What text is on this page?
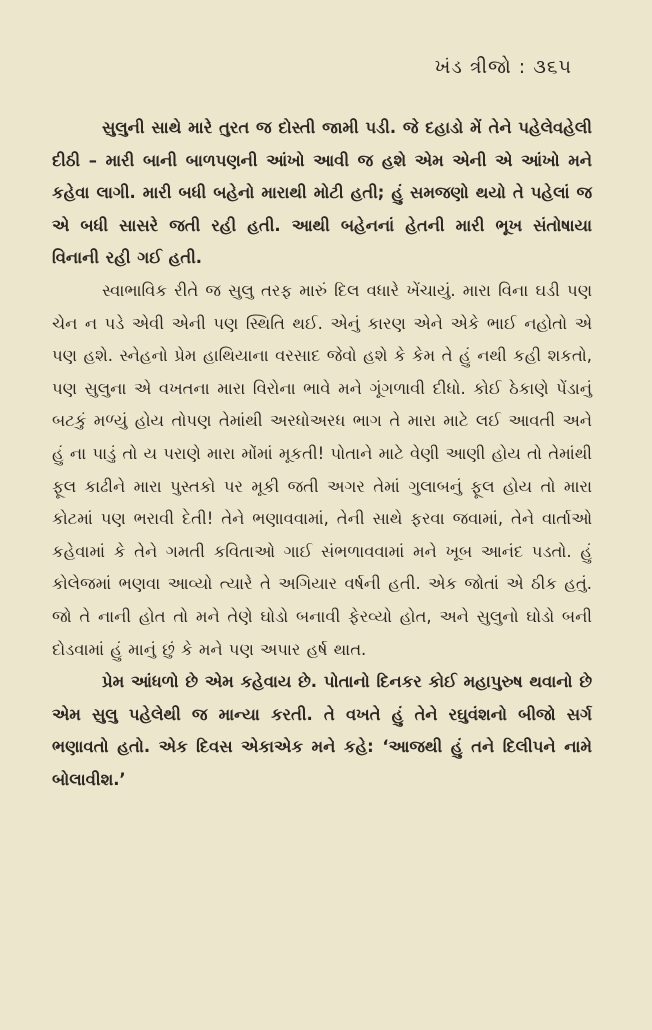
ખંડ ત્રીજો : ૩૬૫

સુલુની સાથે મારે તુરત જ દોસ્તી જામી પડી. જે દહાડો મેં તેને પહેલેવહેલી દીઠી – મારી બાની બાળપણની આંખો આવી જ હશે એમ એની એ આંખો મને કહેવા લાગી. મારી બધી બહેનો મારાથી મોટી હતી; હું સમજણો થયો તે પહેલાં જ એ બધી સાસરે જતી રહી હતી. આથી બહેનનાં હેતની મારી ભૂખ સંતોષાયા વિનાની રહી ગઈ હતી.

સ્વાભાવિક રીતે જ સુલુ તરફ મારું દિલ વધારે ખેંચાયું. મારા વિના ઘડી પણ ચેન ન પડે એવી એની પણ સ્થિતિ થઈ. એનું કારણ એને એકે ભાઈ નહોતો એ પણ હશે. સ્નેહનો પ્રેમ હાથિયાના વરસાદ જેવો હશે કે કેમ તે હું નથી કહી શકતો, પણ સુલુના એ વખતના મારા વિરોના ભાવે મને ગૂંગળાવી દીધો. કોઈ ઠેકાણે પેંડાનું બટકું મળ્યું હોય તોપણ તેમાંથી અરધોઅરધ ભાગ તે મારા માટે લઈ આવતી અને હું ના પાડું તો ય પરાણે મારા મોંમાં મૂકતી! પોતાને માટે વેણી આણી હોય તો તેમાંથી ફૂલ કાઢીને મારા પુસ્તકો પર મૂકી જતી અગર તેમાં ગુલાબનું ફૂલ હોય તો મારા કોટમાં પણ ભરાવી દેતી! તેને ભણાવવામાં, તેની સાથે ફરવા જવામાં, તેને વાર્તાઓ કહેવામાં કે તેને ગમતી કવિતાઓ ગાઈ સંભળાવવામાં મને ખૂબ આનંદ પડતો. હું કોલેજમાં ભણવા આવ્યો ત્યારે તે અગિયાર વર્ષની હતી. એક જોતાં એ ઠીક હતું. જો તે નાની હોત તો મને તેણે ઘોડો બનાવી ફેરવ્યો હોત, અને સુલુનો ઘોડો બની દોડવામાં હું માનું છું કે મને પણ અપાર હર્ષ થાત.

પ્રેમ આંધળો છે એમ કહેવાય છે. પોતાનો દિનકર કોઈ મહાપુરુષ થવાનો છે એમ સુલુ પહેલેથી જ માન્યા કરતી. તે વખતે હું તેને રઘુવંશનો બીજો સર્ગ ભણાવતો હતો. એક દિવસ એકાએક મને કહે: ‘આજથી હું તને દિલીપને નામે બોલાવીશ.’
